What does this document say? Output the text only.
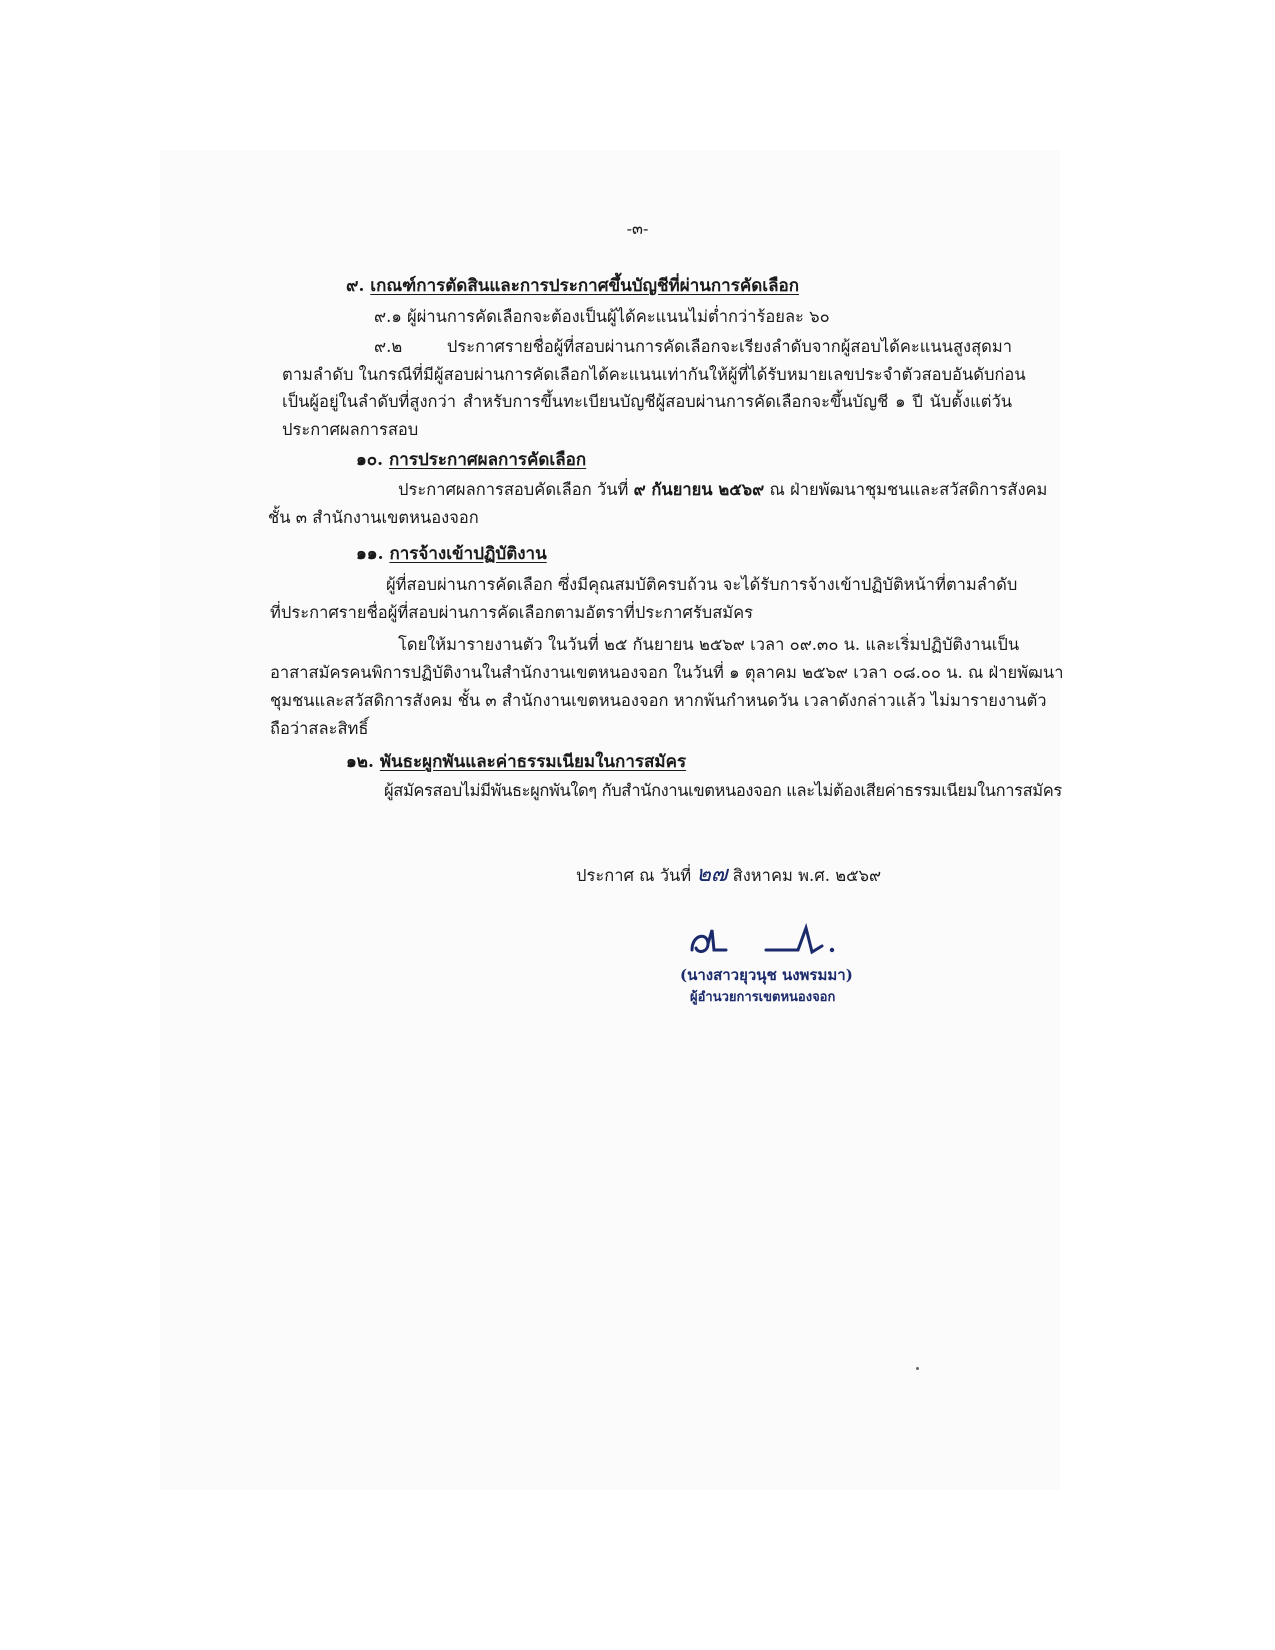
-๓-
๙. เกณฑ์การตัดสินและการประกาศขึ้นบัญชีที่ผ่านการคัดเลือก
๙.๑ ผู้ผ่านการคัดเลือกจะต้องเป็นผู้ได้คะแนนไม่ต่ำกว่าร้อยละ ๖๐
๙.๒ ประกาศรายชื่อผู้ที่สอบผ่านการคัดเลือกจะเรียงลำดับจากผู้สอบได้คะแนนสูงสุดมา
ตามลำดับ ในกรณีที่มีผู้สอบผ่านการคัดเลือกได้คะแนนเท่ากันให้ผู้ที่ได้รับหมายเลขประจำตัวสอบอันดับก่อน
เป็นผู้อยู่ในลำดับที่สูงกว่า สำหรับการขึ้นทะเบียนบัญชีผู้สอบผ่านการคัดเลือกจะขึ้นบัญชี ๑ ปี นับตั้งแต่วัน
ประกาศผลการสอบ
๑๐. การประกาศผลการคัดเลือก
ประกาศผลการสอบคัดเลือก วันที่ ๙ กันยายน ๒๕๖๙ ณ ฝ่ายพัฒนาชุมชนและสวัสดิการสังคม
ชั้น ๓ สำนักงานเขตหนองจอก
๑๑. การจ้างเข้าปฏิบัติงาน
ผู้ที่สอบผ่านการคัดเลือก ซึ่งมีคุณสมบัติครบถ้วน จะได้รับการจ้างเข้าปฏิบัติหน้าที่ตามลำดับ
ที่ประกาศรายชื่อผู้ที่สอบผ่านการคัดเลือกตามอัตราที่ประกาศรับสมัคร
โดยให้มารายงานตัว ในวันที่ ๒๕ กันยายน ๒๕๖๙ เวลา ๐๙.๓๐ น. และเริ่มปฏิบัติงานเป็น
อาสาสมัครคนพิการปฏิบัติงานในสำนักงานเขตหนองจอก ในวันที่ ๑ ตุลาคม ๒๕๖๙ เวลา ๐๘.๐๐ น. ณ ฝ่ายพัฒนา
ชุมชนและสวัสดิการสังคม ชั้น ๓ สำนักงานเขตหนองจอก หากพ้นกำหนดวัน เวลาดังกล่าวแล้ว ไม่มารายงานตัว
ถือว่าสละสิทธิ์
๑๒. พันธะผูกพันและค่าธรรมเนียมในการสมัคร
ผู้สมัครสอบไม่มีพันธะผูกพันใดๆ กับสำนักงานเขตหนองจอก และไม่ต้องเสียค่าธรรมเนียมในการสมัคร
ประกาศ ณ วันที่ ๒๗ สิงหาคม พ.ศ. ๒๕๖๙
(นางสาวยุวนุช นงพรมมา)
ผู้อำนวยการเขตหนองจอก
